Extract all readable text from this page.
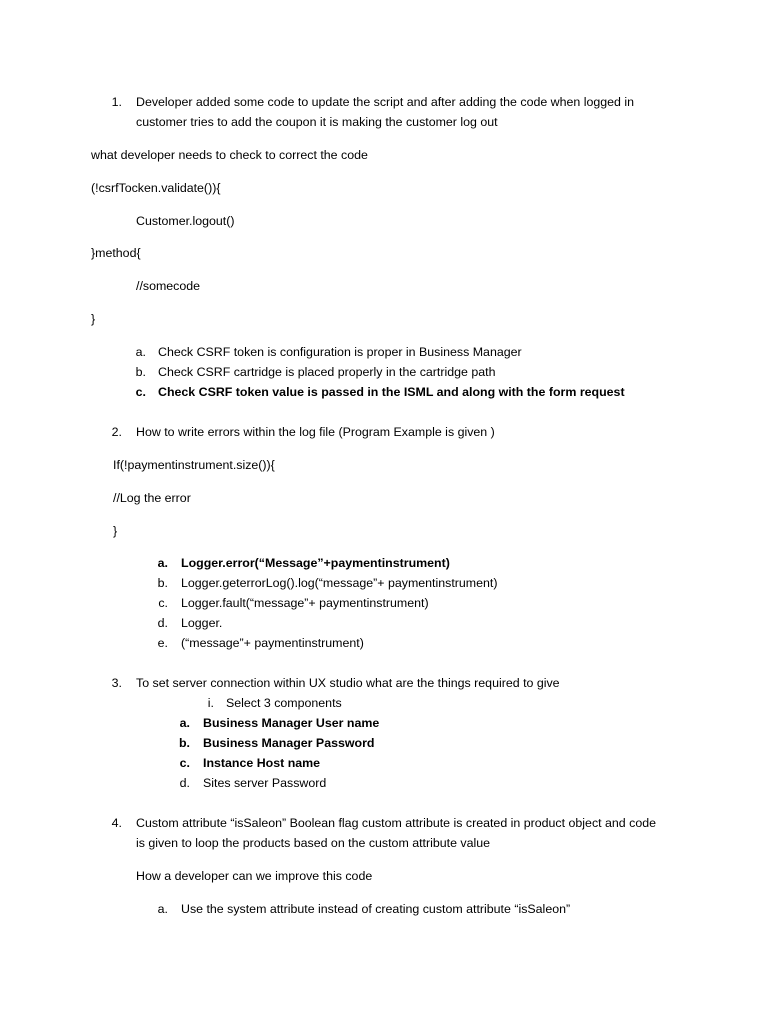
1. Developer added some code to update the script and after adding the code when logged in
customer tries to add the coupon it is making the customer log out
what developer needs to check to correct the code
(!csrfTocken.validate()){
Customer.logout()
}method{
//somecode
}
a. Check CSRF token is configuration is proper in Business Manager
b. Check CSRF cartridge is placed properly in the cartridge path
c. Check CSRF token value is passed in the ISML and along with the form request
2. How to write errors within the log file (Program Example is given )
If(!paymentinstrument.size()){
//Log the error
}
a. Logger.error(“Message”+paymentinstrument)
b. Logger.geterrorLog().log(“message”+ paymentinstrument)
c. Logger.fault(“message”+ paymentinstrument)
d. Logger.
e. (“message”+ paymentinstrument)
3. To set server connection within UX studio what are the things required to give
i. Select 3 components
a. Business Manager User name
b. Business Manager Password
c. Instance Host name
d. Sites server Password
4. Custom attribute “isSaleon” Boolean flag custom attribute is created in product object and code
is given to loop the products based on the custom attribute value
How a developer can we improve this code
a. Use the system attribute instead of creating custom attribute “isSaleon”
